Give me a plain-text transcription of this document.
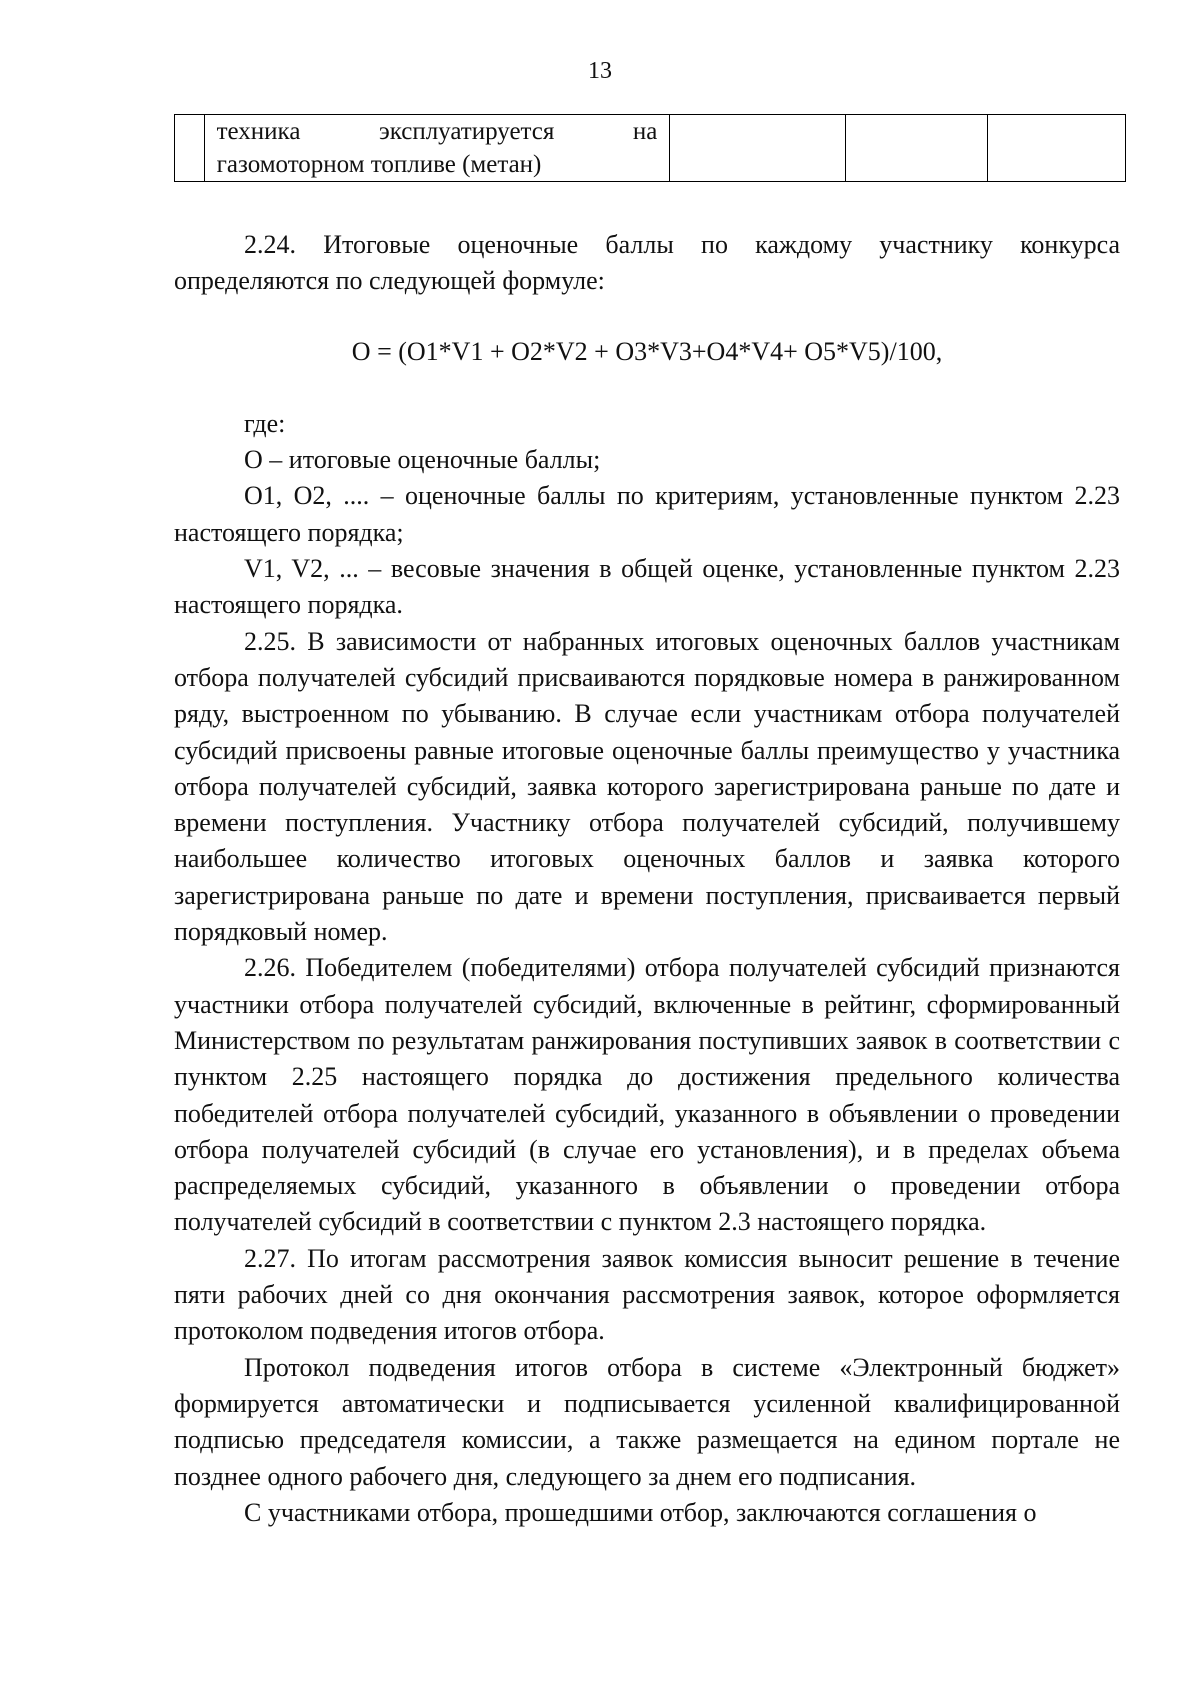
13

техника эксплуатируется на
газомоторном топливе (метан)			

2.24. Итоговые оценочные баллы по каждому участнику конкурса определяются по следующей формуле:

О = (О1*V1 + О2*V2 + О3*V3+О4*V4+ О5*V5)/100,

где:

О – итоговые оценочные баллы;

О1, О2, .... – оценочные баллы по критериям, установленные пунктом 2.23 настоящего порядка;

V1, V2, ... – весовые значения в общей оценке, установленные пунктом 2.23 настоящего порядка.

2.25. В зависимости от набранных итоговых оценочных баллов участникам отбора получателей субсидий присваиваются порядковые номера в ранжированном ряду, выстроенном по убыванию. В случае если участникам отбора получателей субсидий присвоены равные итоговые оценочные баллы преимущество у участника отбора получателей субсидий, заявка которого зарегистрирована раньше по дате и времени поступления. Участнику отбора получателей субсидий, получившему наибольшее количество итоговых оценочных баллов и заявка которого зарегистрирована раньше по дате и времени поступления, присваивается первый порядковый номер.

2.26. Победителем (победителями) отбора получателей субсидий признаются участники отбора получателей субсидий, включенные в рейтинг, сформированный Министерством по результатам ранжирования поступивших заявок в соответствии с пунктом 2.25 настоящего порядка до достижения предельного количества победителей отбора получателей субсидий, указанного в объявлении о проведении отбора получателей субсидий (в случае его установления), и в пределах объема распределяемых субсидий, указанного в объявлении о проведении отбора получателей субсидий в соответствии с пунктом 2.3 настоящего порядка.

2.27. По итогам рассмотрения заявок комиссия выносит решение в течение пяти рабочих дней со дня окончания рассмотрения заявок, которое оформляется протоколом подведения итогов отбора.

Протокол подведения итогов отбора в системе «Электронный бюджет» формируется автоматически и подписывается усиленной квалифицированной подписью председателя комиссии, а также размещается на едином портале не позднее одного рабочего дня, следующего за днем его подписания.

С участниками отбора, прошедшими отбор, заключаются соглашения о
